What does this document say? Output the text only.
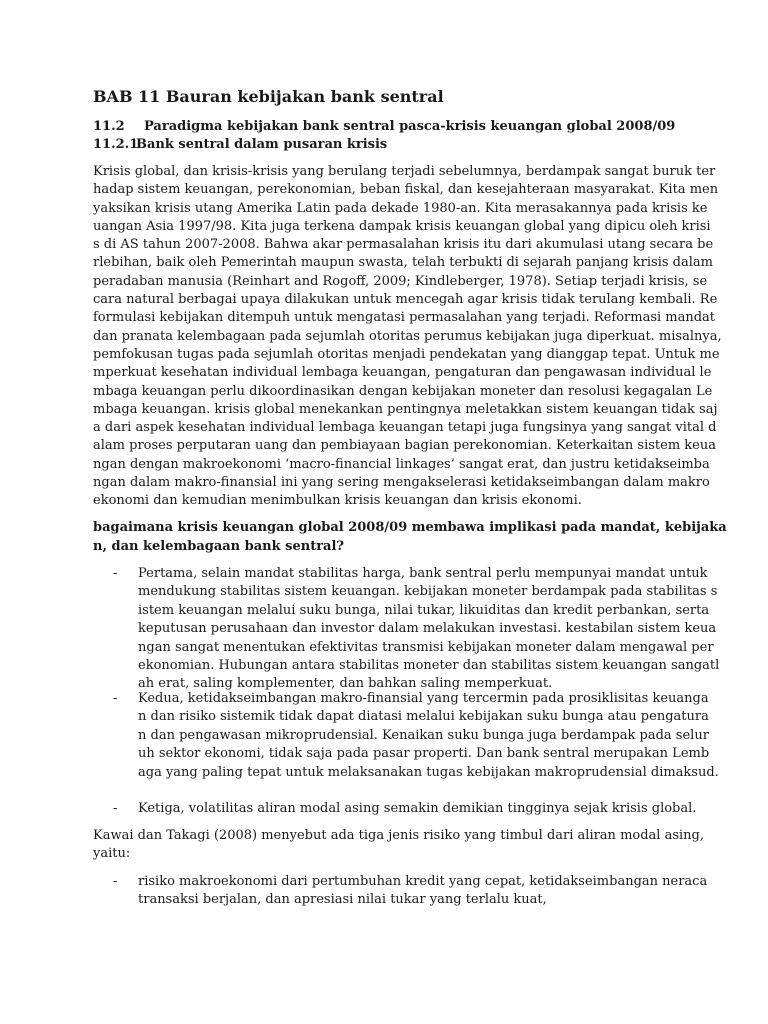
BAB 11 Bauran kebijakan bank sentral
11.2 Paradigma kebijakan bank sentral pasca-krisis keuangan global 2008/09
11.2.1Bank sentral dalam pusaran krisis

Krisis global, dan krisis-krisis yang berulang terjadi sebelumnya, berdampak sangat buruk ter
hadap sistem keuangan, perekonomian, beban fiskal, dan kesejahteraan masyarakat. Kita men
yaksikan krisis utang Amerika Latin pada dekade 1980-an. Kita merasakannya pada krisis ke
uangan Asia 1997/98. Kita juga terkena dampak krisis keuangan global yang dipicu oleh krisi
s di AS tahun 2007-2008. Bahwa akar permasalahan krisis itu dari akumulasi utang secara be
rlebihan, baik oleh Pemerintah maupun swasta, telah terbukti di sejarah panjang krisis dalam
peradaban manusia (Reinhart and Rogoff, 2009; Kindleberger, 1978). Setiap terjadi krisis, se
cara natural berbagai upaya dilakukan untuk mencegah agar krisis tidak terulang kembali. Re
formulasi kebijakan ditempuh untuk mengatasi permasalahan yang terjadi. Reformasi mandat
dan pranata kelembagaan pada sejumlah otoritas perumus kebijakan juga diperkuat. misalnya,
pemfokusan tugas pada sejumlah otoritas menjadi pendekatan yang dianggap tepat. Untuk me
mperkuat kesehatan individual lembaga keuangan, pengaturan dan pengawasan individual le
mbaga keuangan perlu dikoordinasikan dengan kebijakan moneter dan resolusi kegagalan Le
mbaga keuangan. krisis global menekankan pentingnya meletakkan sistem keuangan tidak saj
a dari aspek kesehatan individual lembaga keuangan tetapi juga fungsinya yang sangat vital d
alam proses perputaran uang dan pembiayaan bagian perekonomian. Keterkaitan sistem keua
ngan dengan makroekonomi ‘macro-financial linkages’ sangat erat, dan justru ketidakseimba
ngan dalam makro-finansial ini yang sering mengakselerasi ketidakseimbangan dalam makro
ekonomi dan kemudian menimbulkan krisis keuangan dan krisis ekonomi.

bagaimana krisis keuangan global 2008/09 membawa implikasi pada mandat, kebijaka
n, dan kelembagaan bank sentral?

-	Pertama, selain mandat stabilitas harga, bank sentral perlu mempunyai mandat untuk
mendukung stabilitas sistem keuangan. kebijakan moneter berdampak pada stabilitas s
istem keuangan melalui suku bunga, nilai tukar, likuiditas dan kredit perbankan, serta
keputusan perusahaan dan investor dalam melakukan investasi. kestabilan sistem keua
ngan sangat menentukan efektivitas transmisi kebijakan moneter dalam mengawal per
ekonomian. Hubungan antara stabilitas moneter dan stabilitas sistem keuangan sangatl
ah erat, saling komplementer, dan bahkan saling memperkuat.
-	Kedua, ketidakseimbangan makro-finansial yang tercermin pada prosiklisitas keuanga
n dan risiko sistemik tidak dapat diatasi melalui kebijakan suku bunga atau pengatura
n dan pengawasan mikroprudensial. Kenaikan suku bunga juga berdampak pada selur
uh sektor ekonomi, tidak saja pada pasar properti. Dan bank sentral merupakan Lemb
aga yang paling tepat untuk melaksanakan tugas kebijakan makroprudensial dimaksud.
-	Ketiga, volatilitas aliran modal asing semakin demikian tingginya sejak krisis global.

Kawai dan Takagi (2008) menyebut ada tiga jenis risiko yang timbul dari aliran modal asing,
yaitu:

-	risiko makroekonomi dari pertumbuhan kredit yang cepat, ketidakseimbangan neraca
transaksi berjalan, dan apresiasi nilai tukar yang terlalu kuat,
